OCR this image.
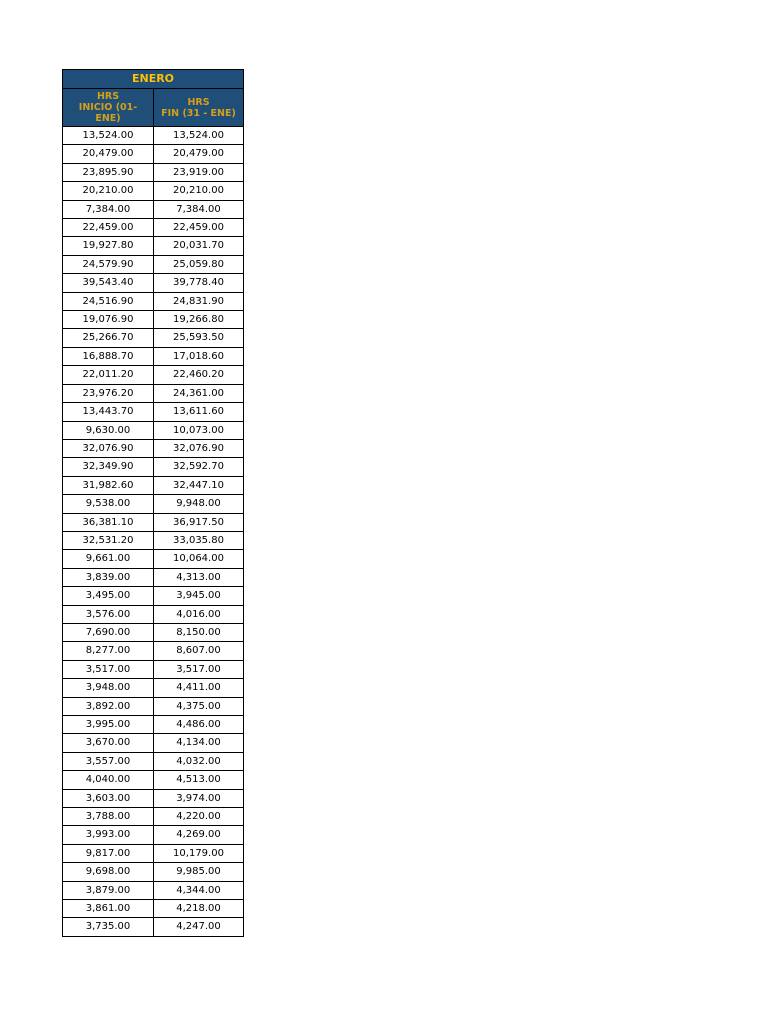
ENERO	

HRS
INICIO (01-
ENE)	HRS
FIN (31 - ENE)

13,524.00	13,524.00
20,479.00	20,479.00
23,895.90	23,919.00
20,210.00	20,210.00
7,384.00	7,384.00
22,459.00	22,459.00
19,927.80	20,031.70
24,579.90	25,059.80
39,543.40	39,778.40
24,516.90	24,831.90
19,076.90	19,266.80
25,266.70	25,593.50
16,888.70	17,018.60
22,011.20	22,460.20
23,976.20	24,361.00
13,443.70	13,611.60
9,630.00	10,073.00
32,076.90	32,076.90
32,349.90	32,592.70
31,982.60	32,447.10
9,538.00	9,948.00
36,381.10	36,917.50
32,531.20	33,035.80
9,661.00	10,064.00
3,839.00	4,313.00
3,495.00	3,945.00
3,576.00	4,016.00
7,690.00	8,150.00
8,277.00	8,607.00
3,517.00	3,517.00
3,948.00	4,411.00
3,892.00	4,375.00
3,995.00	4,486.00
3,670.00	4,134.00
3,557.00	4,032.00
4,040.00	4,513.00
3,603.00	3,974.00
3,788.00	4,220.00
3,993.00	4,269.00
9,817.00	10,179.00
9,698.00	9,985.00
3,879.00	4,344.00
3,861.00	4,218.00
3,735.00	4,247.00
